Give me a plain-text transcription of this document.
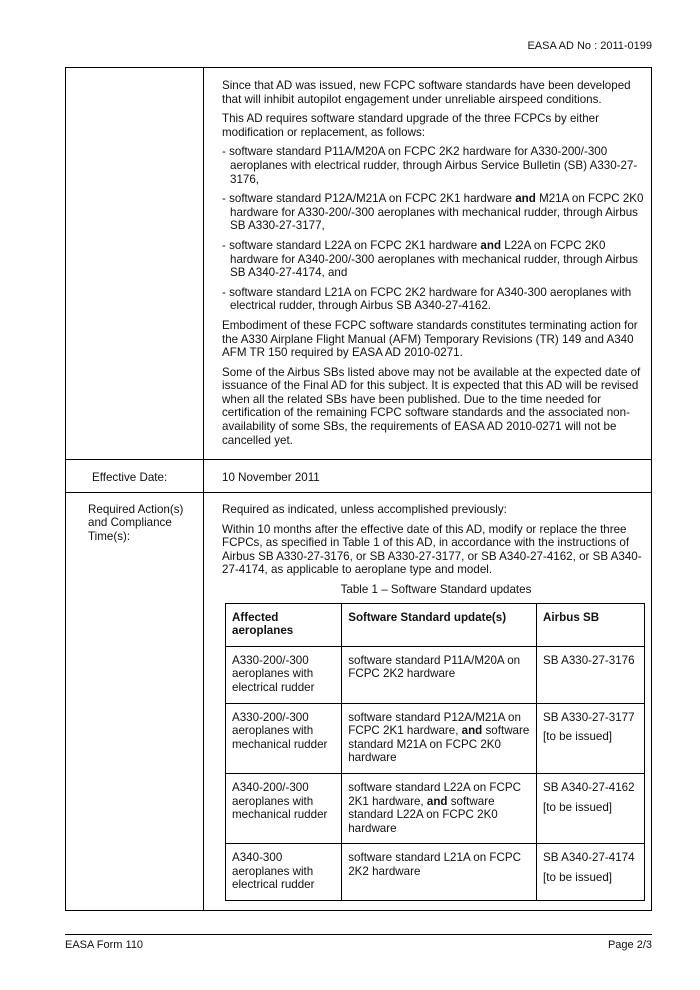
EASA AD No : 2011-0199

Since that AD was issued, new FCPC software standards have been developed that will inhibit autopilot engagement under unreliable airspeed conditions.

This AD requires software standard upgrade of the three FCPCs by either modification or replacement, as follows:

- software standard P11A/M20A on FCPC 2K2 hardware for A330-200/-300 aeroplanes with electrical rudder, through Airbus Service Bulletin (SB) A330-27-3176,

- software standard P12A/M21A on FCPC 2K1 hardware and M21A on FCPC 2K0 hardware for A330-200/-300 aeroplanes with mechanical rudder, through Airbus SB A330-27-3177,

- software standard L22A on FCPC 2K1 hardware and L22A on FCPC 2K0 hardware for A340-200/-300 aeroplanes with mechanical rudder, through Airbus SB A340-27-4174, and

- software standard L21A on FCPC 2K2 hardware for A340-300 aeroplanes with electrical rudder, through Airbus SB A340-27-4162.

Embodiment of these FCPC software standards constitutes terminating action for the A330 Airplane Flight Manual (AFM) Temporary Revisions (TR) 149 and A340 AFM TR 150 required by EASA AD 2010-0271.

Some of the Airbus SBs listed above may not be available at the expected date of issuance of the Final AD for this subject. It is expected that this AD will be revised when all the related SBs have been published. Due to the time needed for certification of the remaining FCPC software standards and the associated non-availability of some SBs, the requirements of EASA AD 2010-0271 will not be cancelled yet.

Effective Date:	10 November 2011
Required Action(s) and Compliance Time(s):

Required as indicated, unless accomplished previously:

Within 10 months after the effective date of this AD, modify or replace the three FCPCs, as specified in Table 1 of this AD, in accordance with the instructions of Airbus SB A330-27-3176, or SB A330-27-3177, or SB A340-27-4162, or SB A340-27-4174, as applicable to aeroplane type and model.

Table 1 – Software Standard updates
Affected aeroplanes	Software Standard update(s)	Airbus SB
A330-200/-300 aeroplanes with electrical rudder	software standard P11A/M20A on FCPC 2K2 hardware	SB A330-27-3176
A330-200/-300 aeroplanes with mechanical rudder	software standard P12A/M21A on FCPC 2K1 hardware, and software standard M21A on FCPC 2K0 hardware	SB A330-27-3177
[to be issued]

A340-200/-300 aeroplanes with mechanical rudder	software standard L22A on FCPC 2K1 hardware, and software standard L22A on FCPC 2K0 hardware	SB A340-27-4162
[to be issued]

A340-300 aeroplanes with electrical rudder	software standard L21A on FCPC 2K2 hardware	SB A340-27-4174
[to be issued]
EASA Form 110	Page 2/3
